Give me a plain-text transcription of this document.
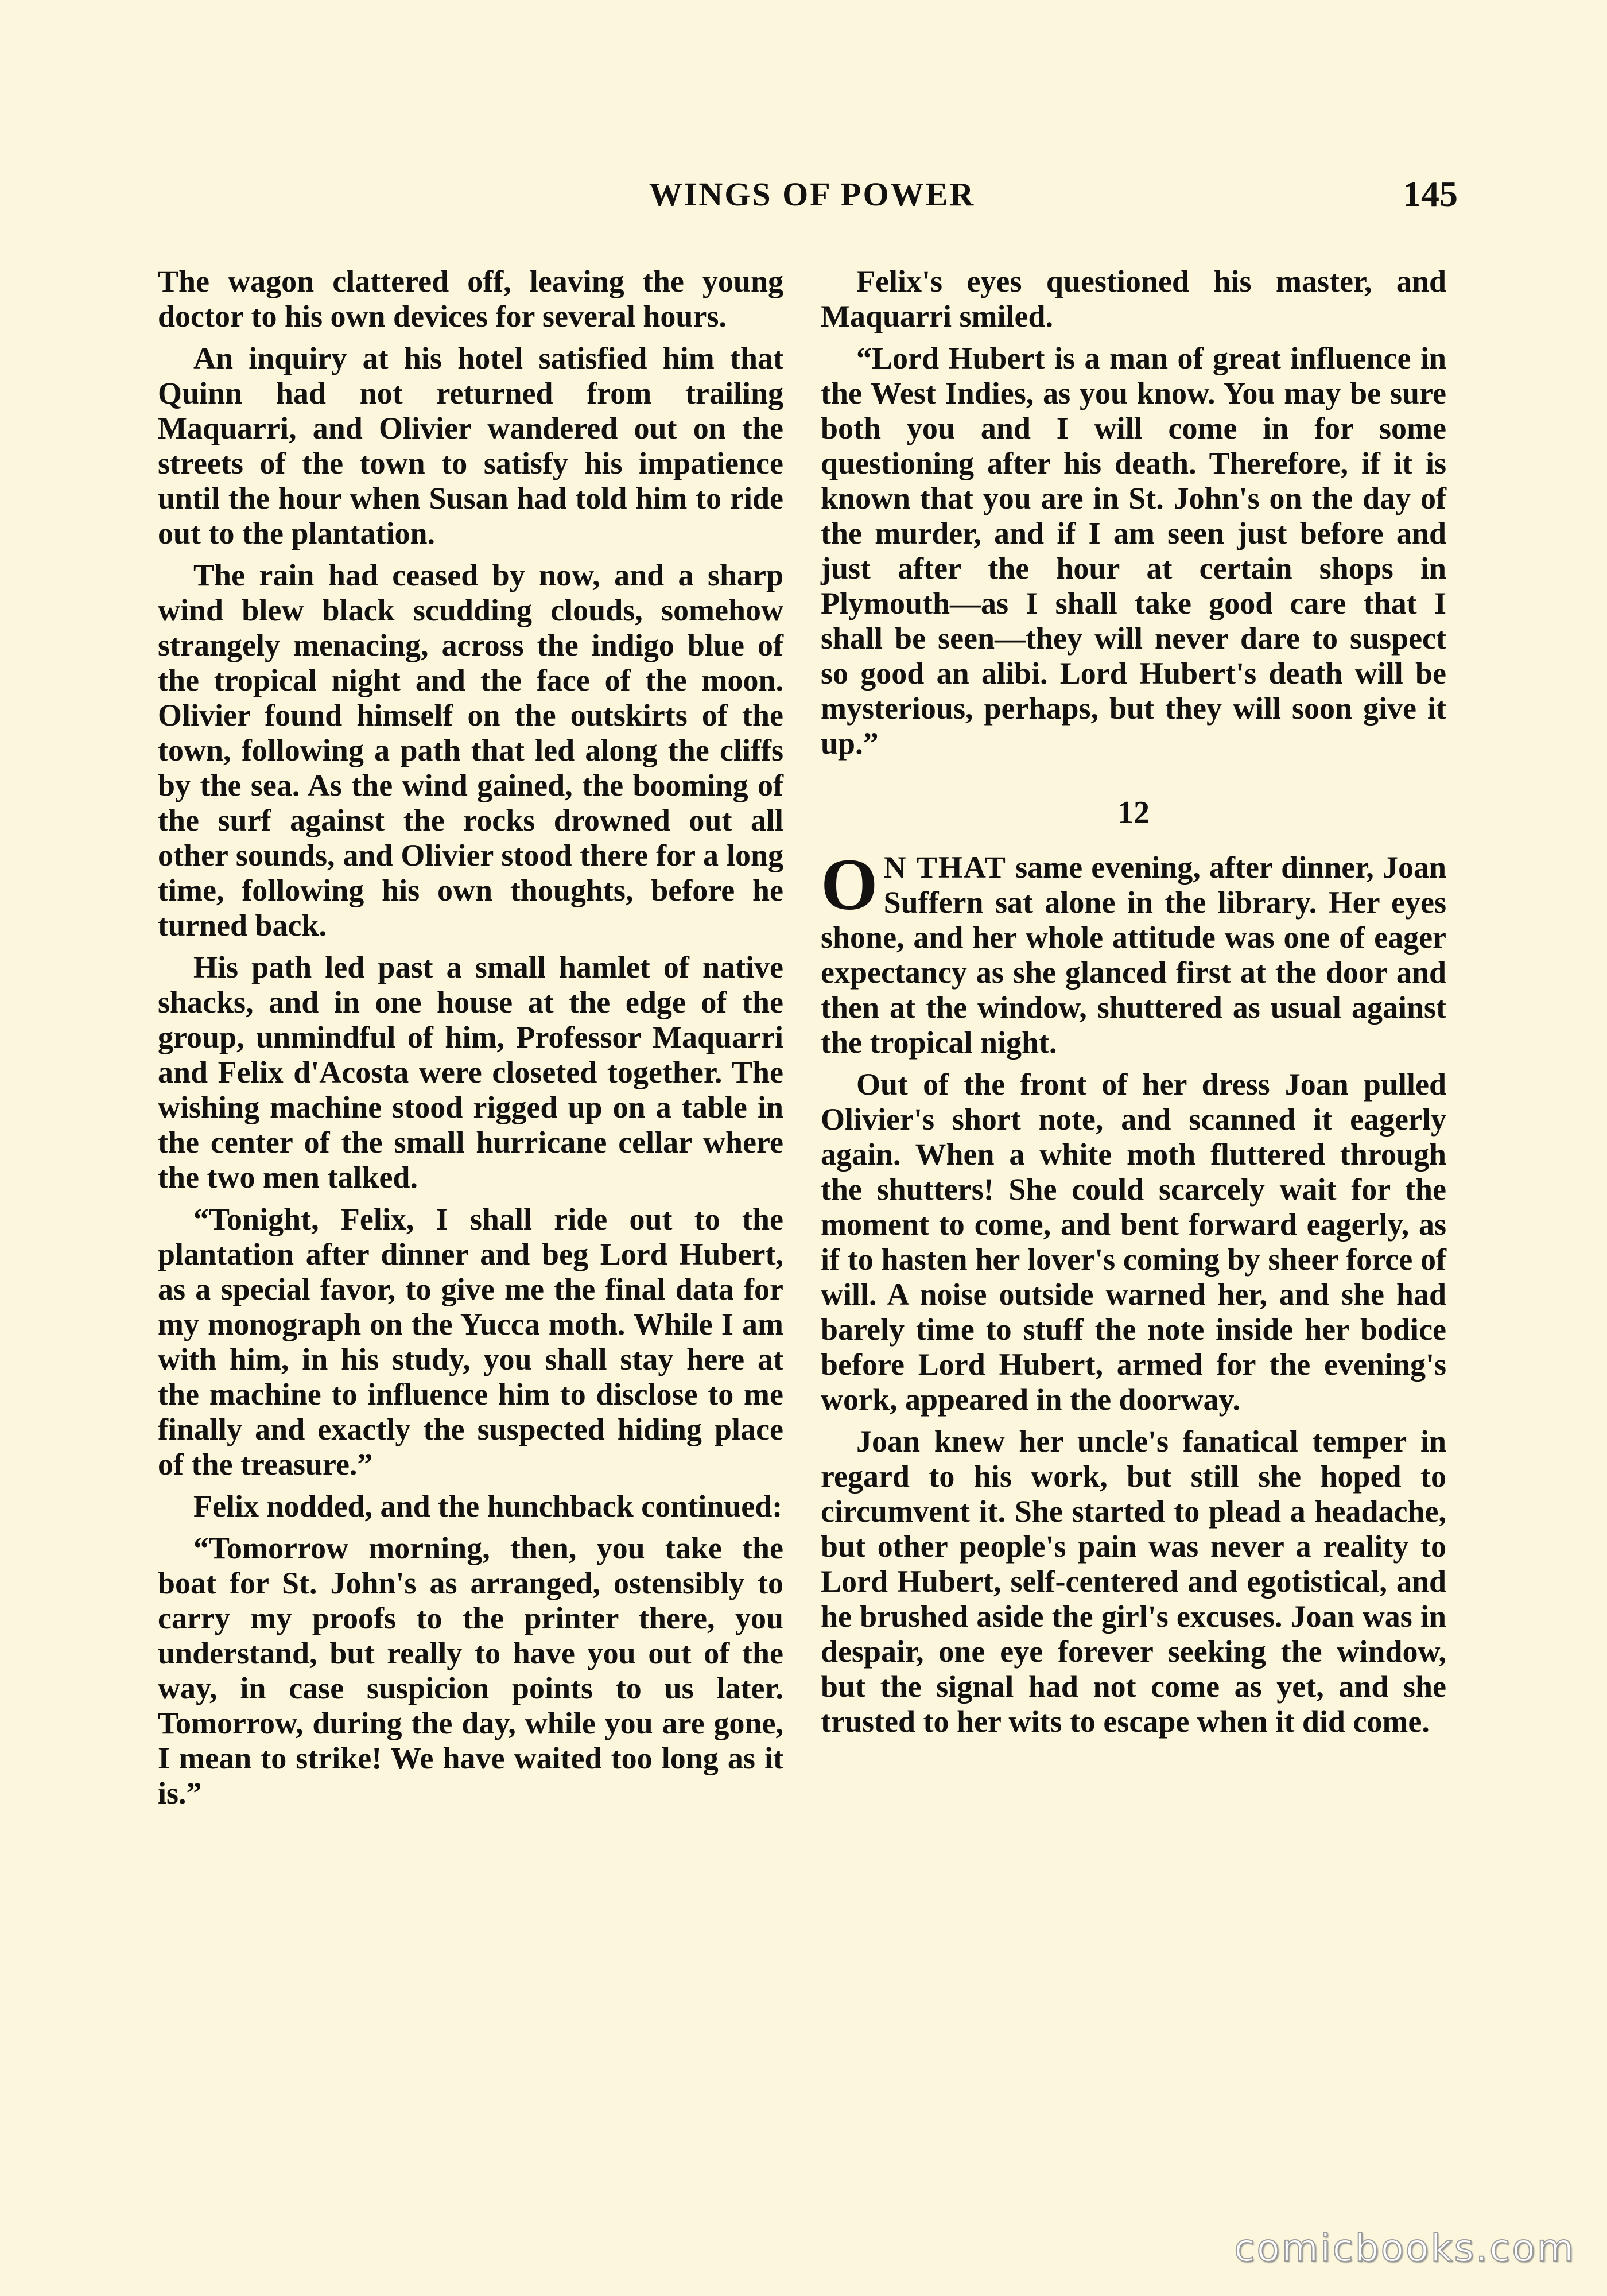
WINGS OF POWER	145

The wagon clattered off, leaving the young doctor to his own devices for several hours.

An inquiry at his hotel satisfied him that Quinn had not returned from trailing Maquarri, and Olivier wandered out on the streets of the town to satisfy his impatience until the hour when Susan had told him to ride out to the plantation.

The rain had ceased by now, and a sharp wind blew black scudding clouds, somehow strangely menacing, across the indigo blue of the tropical night and the face of the moon. Olivier found himself on the outskirts of the town, following a path that led along the cliffs by the sea. As the wind gained, the booming of the surf against the rocks drowned out all other sounds, and Olivier stood there for a long time, following his own thoughts, before he turned back.

His path led past a small hamlet of native shacks, and in one house at the edge of the group, unmindful of him, Professor Maquarri and Felix d'Acosta were closeted together. The wishing machine stood rigged up on a table in the center of the small hurricane cellar where the two men talked.

“Tonight, Felix, I shall ride out to the plantation after dinner and beg Lord Hubert, as a special favor, to give me the final data for my monograph on the Yucca moth. While I am with him, in his study, you shall stay here at the machine to influence him to disclose to me finally and exactly the suspected hiding place of the treasure.”

Felix nodded, and the hunchback continued:

“Tomorrow morning, then, you take the boat for St. John's as arranged, ostensibly to carry my proofs to the printer there, you understand, but really to have you out of the way, in case suspicion points to us later. Tomorrow, during the day, while you are gone, I mean to strike! We have waited too long as it is.”

Felix's eyes questioned his master, and Maquarri smiled.

“Lord Hubert is a man of great influence in the West Indies, as you know. You may be sure both you and I will come in for some questioning after his death. Therefore, if it is known that you are in St. John's on the day of the murder, and if I am seen just before and just after the hour at certain shops in Plymouth—as I shall take good care that I shall be seen—they will never dare to suspect so good an alibi. Lord Hubert's death will be mysterious, perhaps, but they will soon give it up.”

12

O N THAT same evening, after dinner, Joan Suffern sat alone in the library. Her eyes shone, and her whole attitude was one of eager expectancy as she glanced first at the door and then at the window, shuttered as usual against the tropical night.

Out of the front of her dress Joan pulled Olivier's short note, and scanned it eagerly again. When a white moth fluttered through the shutters! She could scarcely wait for the moment to come, and bent forward eagerly, as if to hasten her lover's coming by sheer force of will. A noise outside warned her, and she had barely time to stuff the note inside her bodice before Lord Hubert, armed for the evening's work, appeared in the doorway.

Joan knew her uncle's fanatical temper in regard to his work, but still she hoped to circumvent it. She started to plead a headache, but other people's pain was never a reality to Lord Hubert, self-centered and egotistical, and he brushed aside the girl's excuses. Joan was in despair, one eye forever seeking the window, but the signal had not come as yet, and she trusted to her wits to escape when it did come.

comicbooks.com
